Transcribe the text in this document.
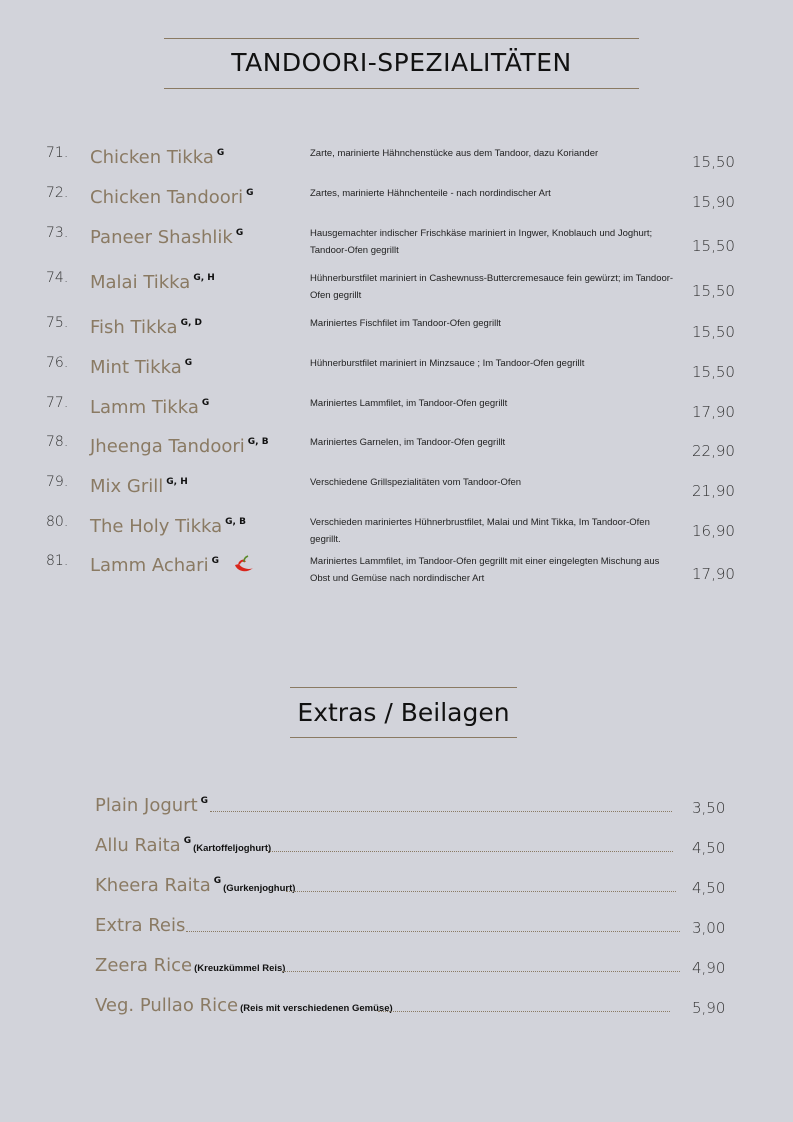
TANDOORI-SPEZIALITÄTEN
71. Chicken Tikka $^G$	Zarte, marinierte Hähnchenstücke aus dem Tandoor, dazu Koriander	15,50
72. Chicken Tandoori $^G$	Zartes, marinierte Hähnchenteile - nach nordindischer Art	15,90
73. Paneer Shashlik $^G$	Hausgemachter indischer Frischkäse mariniert in Ingwer, Knoblauch und Joghurt; Tandoor-Ofen gegrillt	15,50
74. Malai Tikka $^{G, H}$	Hühnerburstfilet mariniert in Cashewnuss-Buttercremesauce fein gewürzt; im Tandoor-Ofen gegrillt	15,50
75. Fish Tikka $^{G, D}$	Mariniertes Fischfilet im Tandoor-Ofen gegrillt	15,50
76. Mint Tikka $^G$	Hühnerburstfilet mariniert in Minzsauce ; Im Tandoor-Ofen gegrillt	15,50
77. Lamm Tikka $^G$	Mariniertes Lammfilet, im Tandoor-Ofen gegrillt	17,90
78. Jheenga Tandoori $^{G, B}$	Mariniertes Garnelen, im Tandoor-Ofen gegrillt	22,90
79. Mix Grill $^{G, H}$	Verschiedene Grillspezialitäten vom Tandoor-Ofen	21,90
80. The Holy Tikka $^{G, B}$	Verschieden mariniertes Hühnerbrustfilet, Malai und Mint Tikka, Im Tandoor-Ofen gegrillt.	16,90
81. Lamm Achari $^G$	Mariniertes Lammfilet, im Tandoor-Ofen gegrillt mit einer eingelegten Mischung aus Obst und Gemüse nach nordindischer Art	17,90
Extras / Beilagen
Plain Jogurt $^G$	3,50
Allu Raita $^G$(Kartoffeljoghurt)	4,50
Kheera Raita $^G$(Gurkenjoghurt)	4,50
Extra Reis	3,00
Zeera Rice (Kreuzkümmel Reis)	4,90
Veg. Pullao Rice (Reis mit verschiedenen Gemüse)	5,90
